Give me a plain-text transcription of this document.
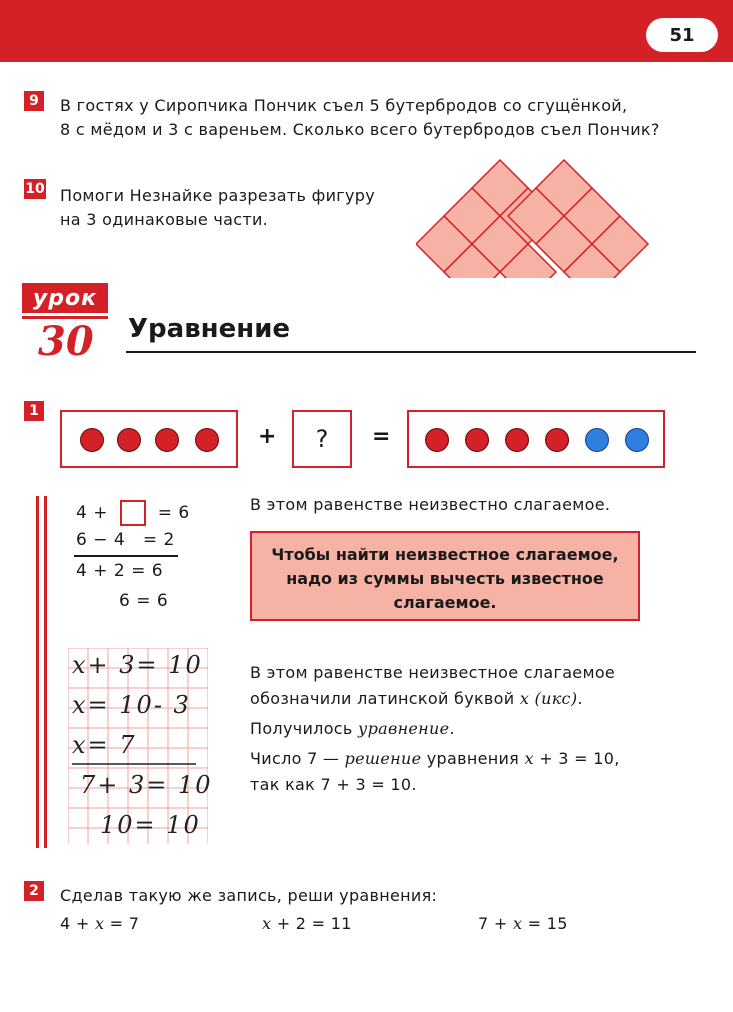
51
9	В гостях у Сиропчика Пончик съел 5 бутербродов со сгущёнкой,
8 с мёдом и 3 с вареньем. Сколько всего бутербродов съел Пончик?
10 Помоги Незнайке разрезать фигуру
на 3 одинаковые части.
урок
30 Уравнение
1
+ ? =
4 +	= 6
6 − 4   = 2
4 + 2 = 6
6 = 6
В этом равенстве неизвестно слагаемое.
Чтобы найти неизвестное слагаемое,
надо из суммы вычесть известное
слагаемое.
x+ 3= 10
x= 10- 3
x= 7
7+ 3= 10
10= 10
В этом равенстве неизвестное слагаемое
обозначили латинской буквой x (икс).
Получилось уравнение.
Число 7 — решение уравнения x + 3 = 10,
так как 7 + 3 = 10.
2	Сделав такую же запись, реши уравнения:
4 + x = 7	x + 2 = 11	7 + x = 15
